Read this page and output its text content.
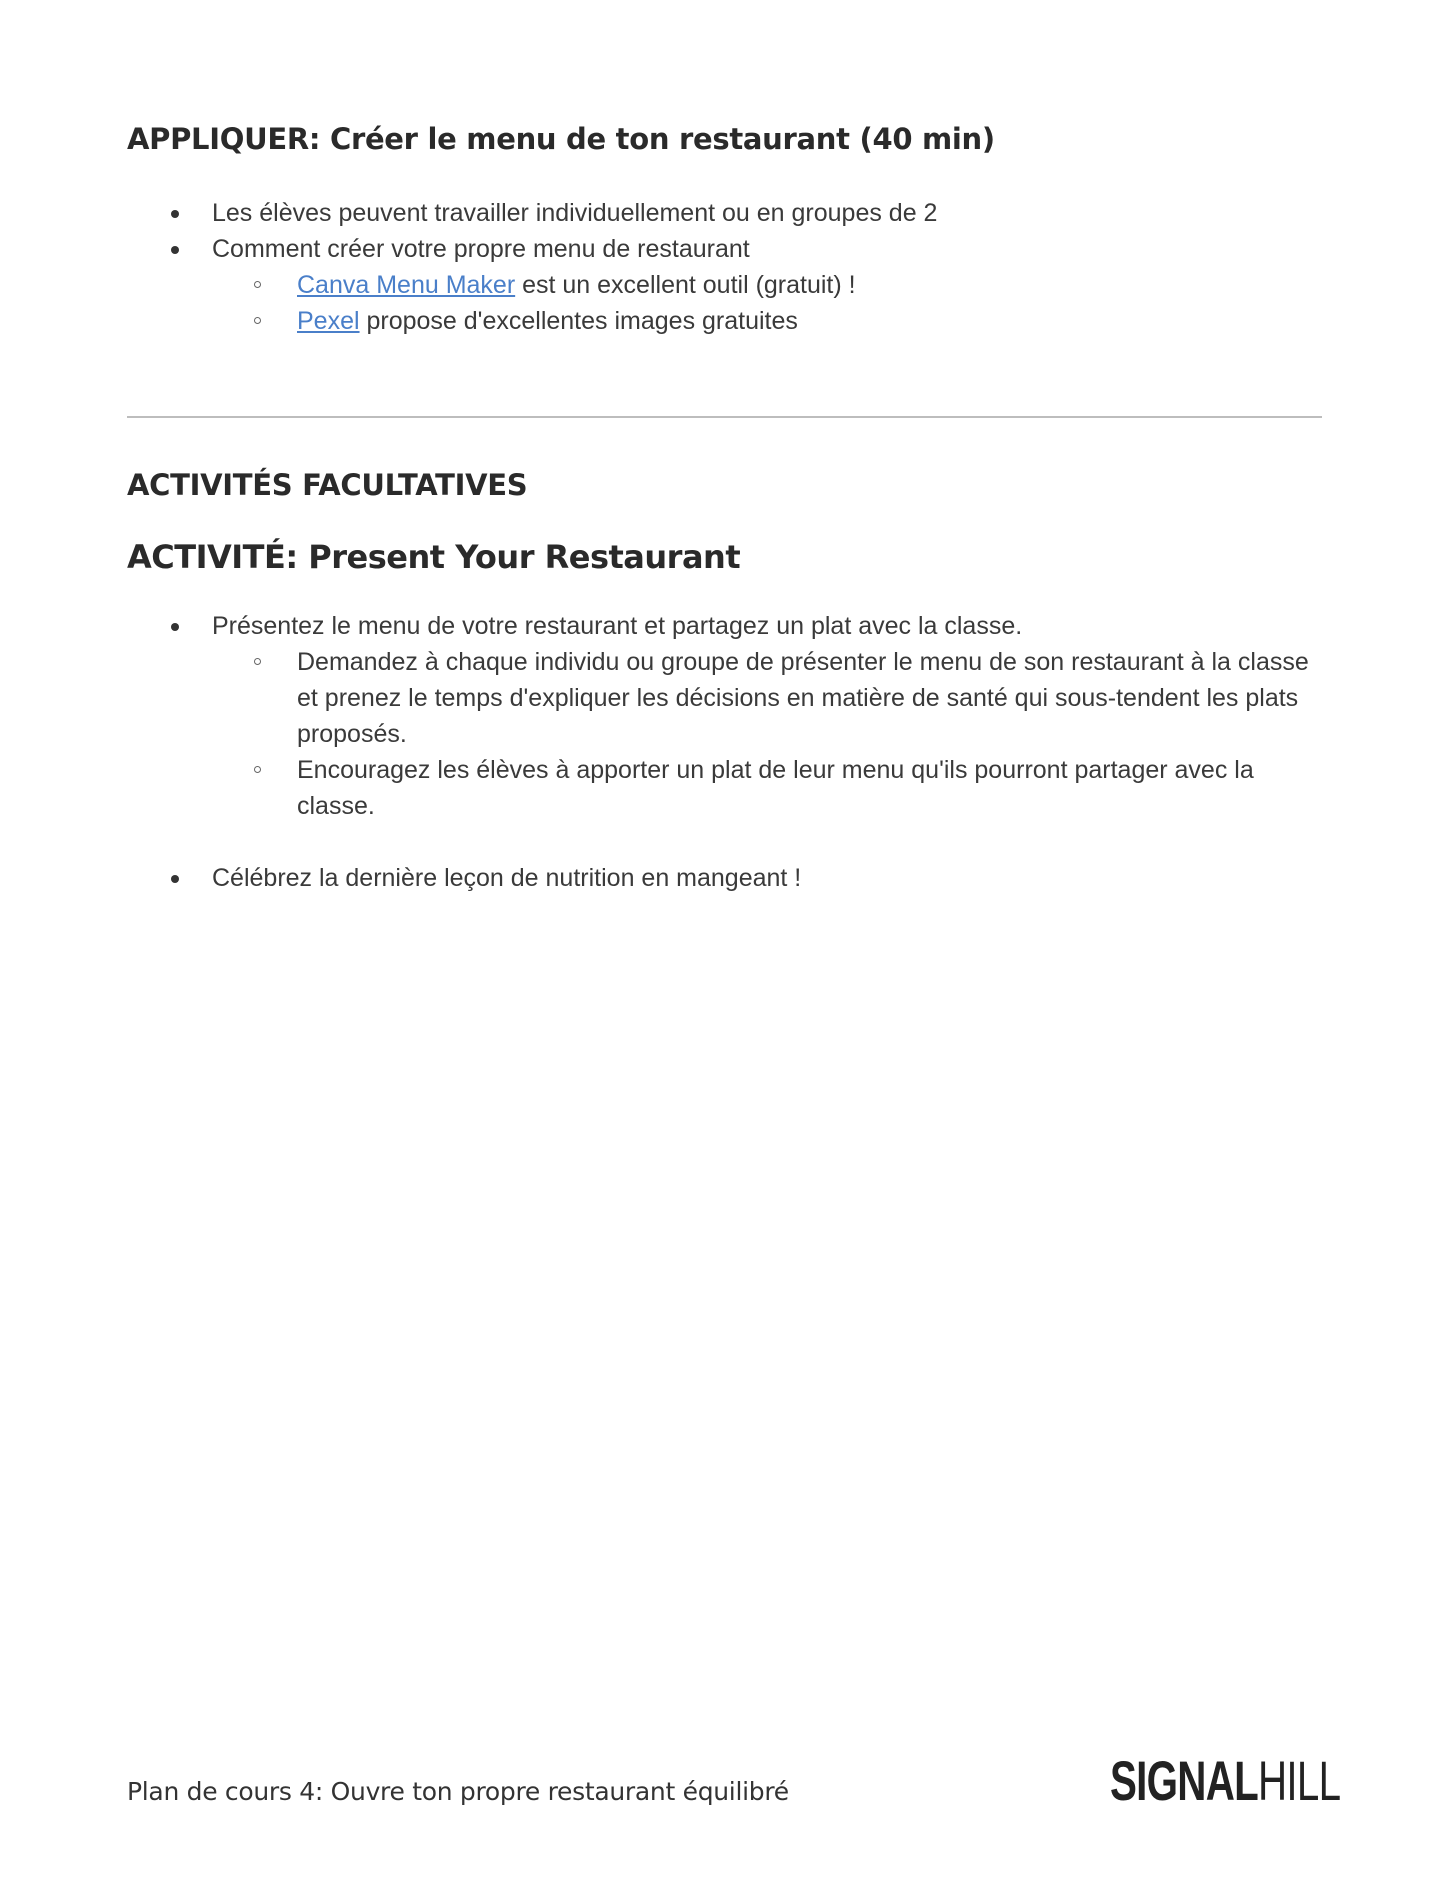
APPLIQUER: Créer le menu de ton restaurant (40 min)
Les élèves peuvent travailler individuellement ou en groupes de 2
Comment créer votre propre menu de restaurant
Canva Menu Maker est un excellent outil (gratuit) !
Pexel propose d'excellentes images gratuites
ACTIVITÉS FACULTATIVES
ACTIVITÉ: Present Your Restaurant
Présentez le menu de votre restaurant et partagez un plat avec la classe.
Demandez à chaque individu ou groupe de présenter le menu de son restaurant à la classe et prenez le temps d'expliquer les décisions en matière de santé qui sous-tendent les plats proposés.
Encouragez les élèves à apporter un plat de leur menu qu'ils pourront partager avec la classe.
Célébrez la dernière leçon de nutrition en mangeant !
Plan de cours 4: Ouvre ton propre restaurant équilibré	SIGNALHILL
